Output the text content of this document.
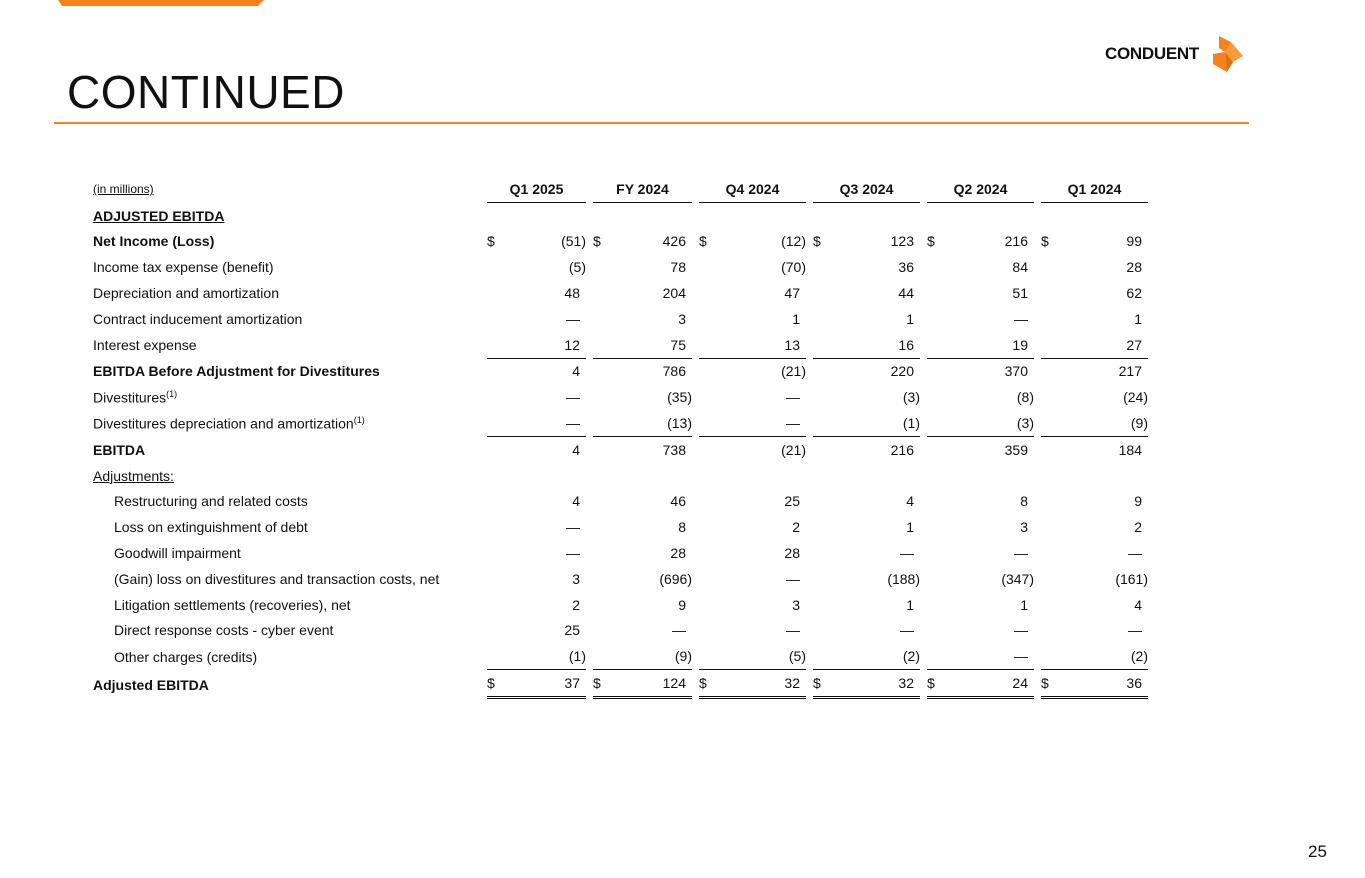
CONTINUED
CONDUENT
(in millions)	Q1 2025			FY 2024			Q4 2024			Q3 2024			Q2 2024			Q1 2024	
ADJUSTED EBITDA																	
Net Income (Loss)	$	(51)		$	426		$	(12)		$	123		$	216		$	99
Income tax expense (benefit)		(5)			78			(70)			36			84			28
Depreciation and amortization		48			204			47			44			51			62
Contract inducement amortization		—			3			1			1			—			1
Interest expense		12			75			13			16			19			27
EBITDA Before Adjustment for Divestitures		4			786			(21)			220			370			217
Divestitures$^{(1)}$		—			(35)			—			(3)			(8)			(24)
Divestitures depreciation and amortization$^{(1)}$		—			(13)			—			(1)			(3)			(9)
EBITDA		4			738			(21)			216			359			184
Adjustments:																	
Restructuring and related costs		4			46			25			4			8			9
Loss on extinguishment of debt		—			8			2			1			3			2
Goodwill impairment		—			28			28			—			—			—
(Gain) loss on divestitures and transaction costs, net		3			(696)			—			(188)			(347)			(161)
Litigation settlements (recoveries), net		2			9			3			1			1			4
Direct response costs - cyber event		25			—			—			—			—			—
Other charges (credits)		(1)			(9)			(5)			(2)			—			(2)
Adjusted EBITDA	$	37		$	124		$	32		$	32		$	24		$	36
25
